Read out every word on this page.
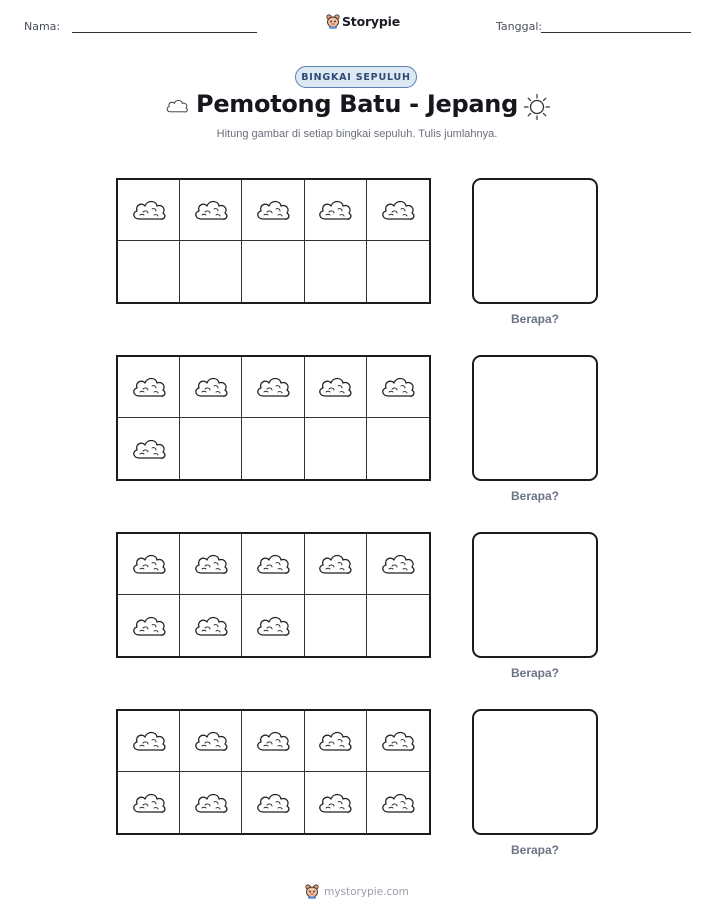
Nama:	Storypie	Tanggal:
BINGKAI SEPULUH
Pemotong Batu - Jepang
Hitung gambar di setiap bingkai sepuluh. Tulis jumlahnya.
Berapa?
Berapa?
Berapa?
Berapa?
mystorypie.com
